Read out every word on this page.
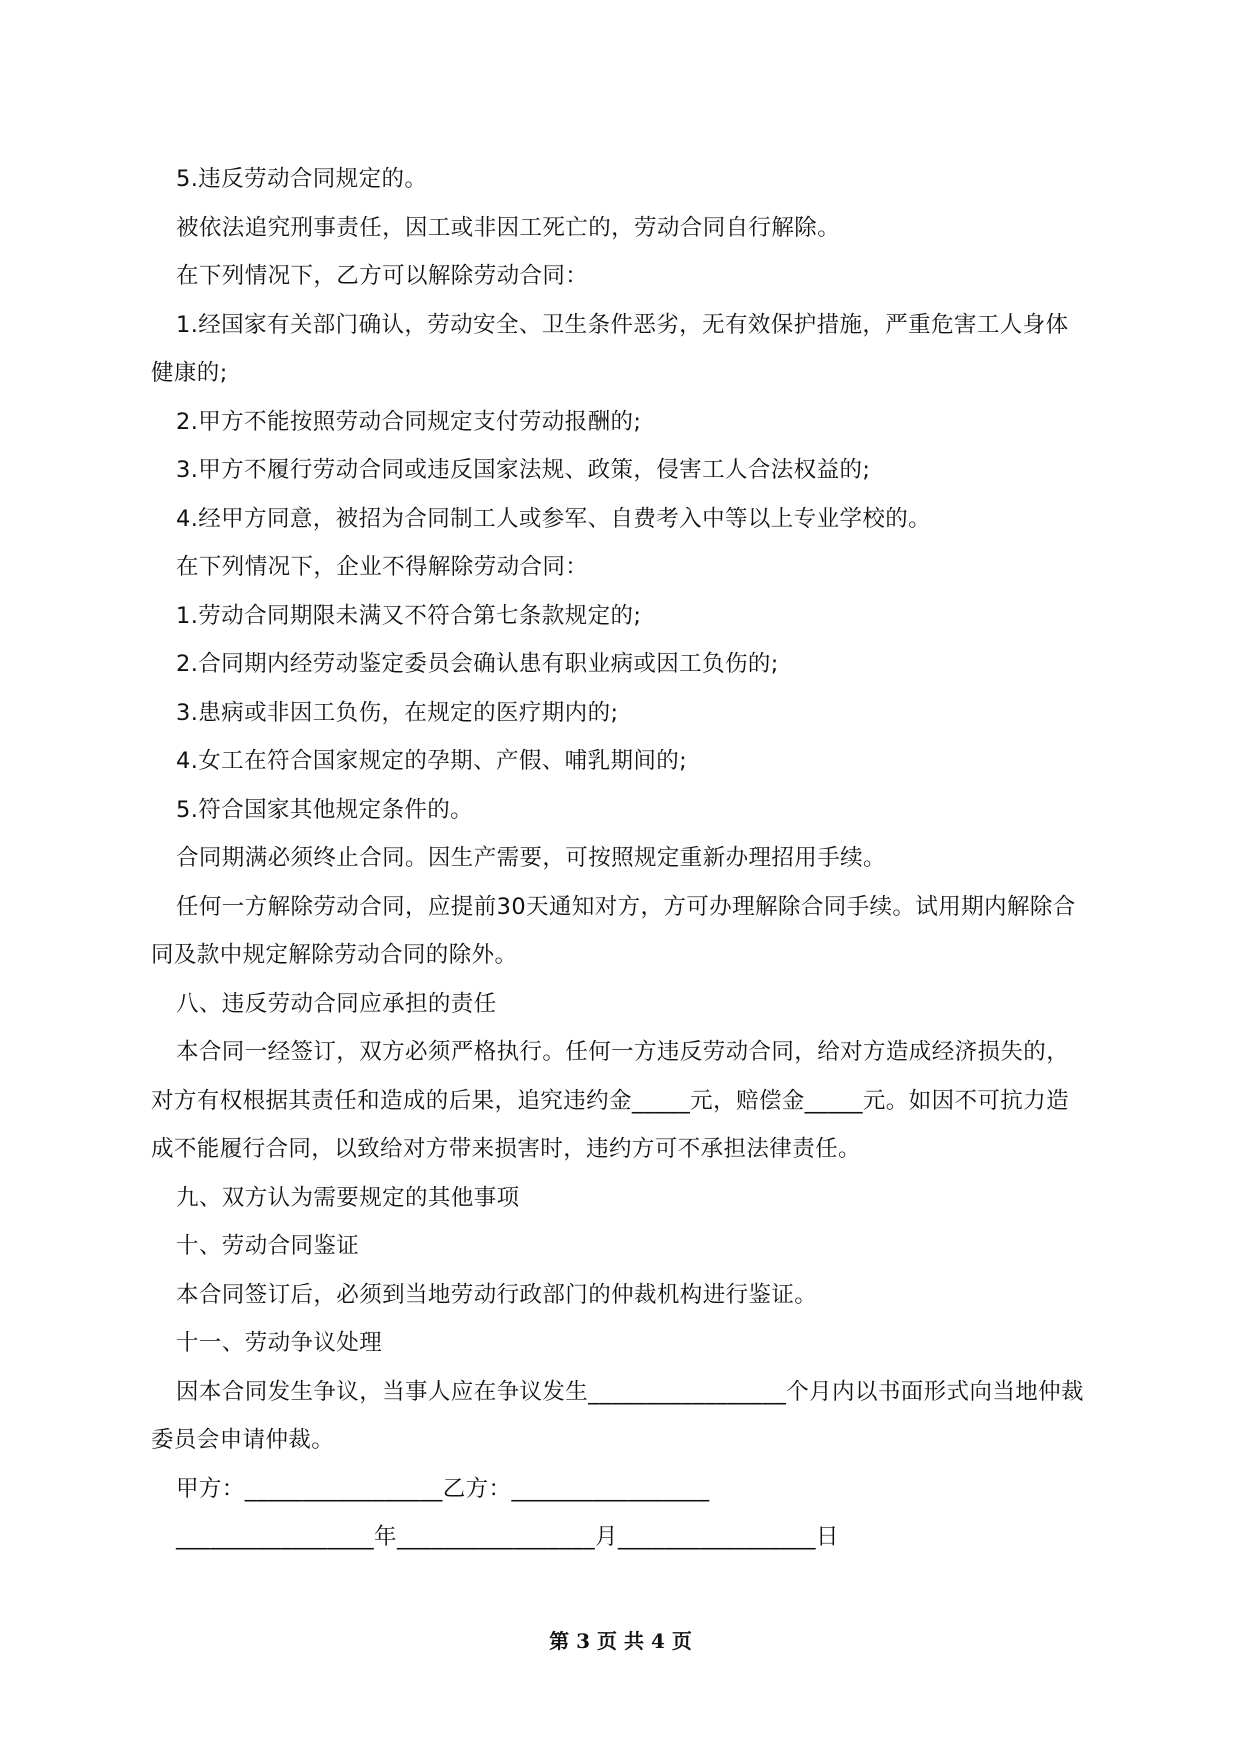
5.违反劳动合同规定的。

被依法追究刑事责任，因工或非因工死亡的，劳动合同自行解除。

在下列情况下，乙方可以解除劳动合同：

1.经国家有关部门确认，劳动安全、卫生条件恶劣，无有效保护措施，严重危害工人身体健康的;

2.甲方不能按照劳动合同规定支付劳动报酬的;

3.甲方不履行劳动合同或违反国家法规、政策，侵害工人合法权益的;

4.经甲方同意，被招为合同制工人或参军、自费考入中等以上专业学校的。

在下列情况下，企业不得解除劳动合同：

1.劳动合同期限未满又不符合第七条款规定的;

2.合同期内经劳动鉴定委员会确认患有职业病或因工负伤的;

3.患病或非因工负伤，在规定的医疗期内的;

4.女工在符合国家规定的孕期、产假、哺乳期间的;

5.符合国家其他规定条件的。

合同期满必须终止合同。因生产需要，可按照规定重新办理招用手续。

任何一方解除劳动合同，应提前30天通知对方，方可办理解除合同手续。试用期内解除合同及款中规定解除劳动合同的除外。

八、违反劳动合同应承担的责任

本合同一经签订，双方必须严格执行。任何一方违反劳动合同，给对方造成经济损失的，对方有权根据其责任和造成的后果，追究违约金_____元，赔偿金_____元。如因不可抗力造成不能履行合同，以致给对方带来损害时，违约方可不承担法律责任。

九、双方认为需要规定的其他事项

十、劳动合同鉴证

本合同签订后，必须到当地劳动行政部门的仲裁机构进行鉴证。

十一、劳动争议处理

因本合同发生争议，当事人应在争议发生_________________个月内以书面形式向当地仲裁委员会申请仲裁。

甲方：_________________乙方：_________________

_________________年_________________月_________________日

第 3 页 共 4 页
